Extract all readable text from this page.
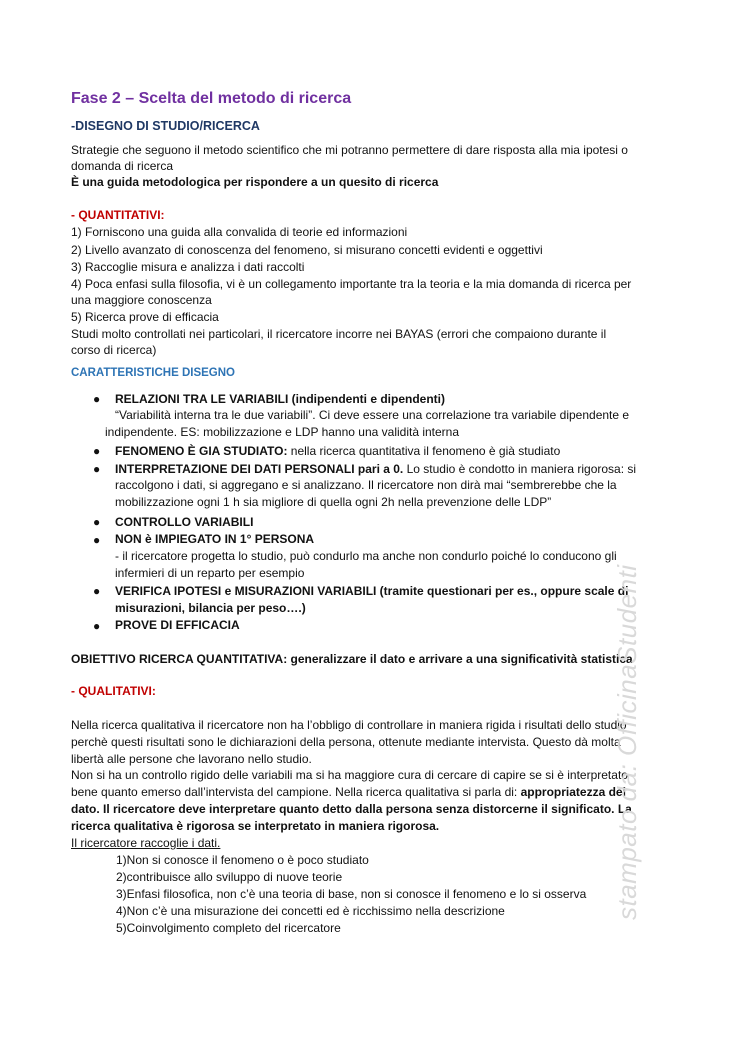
Fase 2 – Scelta del metodo di ricerca
-DISEGNO DI STUDIO/RICERCA
Strategie che seguono il metodo scientifico che mi potranno permettere di dare risposta alla mia ipotesi o
domanda di ricerca
È una guida metodologica per rispondere a un quesito di ricerca
- QUANTITATIVI:
1) Forniscono una guida alla convalida di teorie ed informazioni
2) Livello avanzato di conoscenza del fenomeno, si misurano concetti evidenti e oggettivi
3) Raccoglie misura e analizza i dati raccolti
4) Poca enfasi sulla filosofia, vi è un collegamento importante tra la teoria e la mia domanda di ricerca per
una maggiore conoscenza
5) Ricerca prove di efficacia
Studi molto controllati nei particolari, il ricercatore incorre nei BAYAS (errori che compaiono durante il
corso di ricerca)
CARATTERISTICHE DISEGNO
● RELAZIONI TRA LE VARIABILI (indipendenti e dipendenti)
“Variabilità interna tra le due variabili”. Ci deve essere una correlazione tra variabile dipendente e
indipendente. ES: mobilizzazione e LDP hanno una validità interna
● FENOMENO È GIA STUDIATO: nella ricerca quantitativa il fenomeno è già studiato
● INTERPRETAZIONE DEI DATI PERSONALI pari a 0. Lo studio è condotto in maniera rigorosa: si
raccolgono i dati, si aggregano e si analizzano. Il ricercatore non dirà mai “sembrerebbe che la
mobilizzazione ogni 1 h sia migliore di quella ogni 2h nella prevenzione delle LDP”
● CONTROLLO VARIABILI
● NON è IMPIEGATO IN 1° PERSONA
- il ricercatore progetta lo studio, può condurlo ma anche non condurlo poiché lo conducono gli
infermieri di un reparto per esempio
● VERIFICA IPOTESI e MISURAZIONI VARIABILI (tramite questionari per es., oppure scale di
misurazioni, bilancia per peso….)
● PROVE DI EFFICACIA
OBIETTIVO RICERCA QUANTITATIVA: generalizzare il dato e arrivare a una significatività statistica
- QUALITATIVI:
Nella ricerca qualitativa il ricercatore non ha l’obbligo di controllare in maniera rigida i risultati dello studio
perchè questi risultati sono le dichiarazioni della persona, ottenute mediante intervista. Questo dà molta
libertà alle persone che lavorano nello studio.
Non si ha un controllo rigido delle variabili ma si ha maggiore cura di cercare di capire se si è interpretato
bene quanto emerso dall’intervista del campione. Nella ricerca qualitativa si parla di: appropriatezza del
dato. Il ricercatore deve interpretare quanto detto dalla persona senza distorcerne il significato. La
ricerca qualitativa è rigorosa se interpretato in maniera rigorosa.
Il ricercatore raccoglie i dati.
1)Non si conosce il fenomeno o è poco studiato
2)contribuisce allo sviluppo di nuove teorie
3)Enfasi filosofica, non c’è una teoria di base, non si conosce il fenomeno e lo si osserva
4)Non c’è una misurazione dei concetti ed è ricchissimo nella descrizione
5)Coinvolgimento completo del ricercatore
stampato da: OfficinaStudenti
